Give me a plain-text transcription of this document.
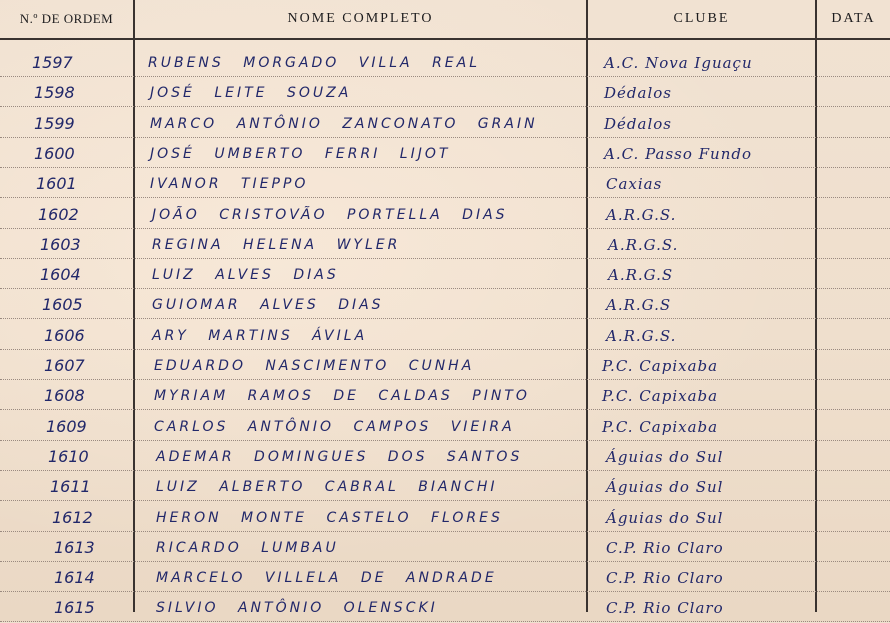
N.º DE ORDEM	NOME COMPLETO	CLUBE	DATA
1597	RUBENS MORGADO VILLA REAL	A.C. Nova Iguaçu
1598	JOSÉ LEITE SOUZA	Dédalos
1599	MARCO ANTÔNIO ZANCONATO GRAIN	Dédalos
1600	JOSÉ UMBERTO FERRI LIJOT	A.C. Passo Fundo
1601	IVANOR TIEPPO	Caxias
1602	JOÃO CRISTOVÃO PORTELLA DIAS	A.R.G.S.
1603	REGINA HELENA WYLER	A.R.G.S.
1604	LUIZ ALVES DIAS	A.R.G.S
1605	GUIOMAR ALVES DIAS	A.R.G.S
1606	ARY MARTINS ÁVILA	A.R.G.S.
1607	EDUARDO NASCIMENTO CUNHA	P.C. Capixaba
1608	MYRIAM RAMOS DE CALDAS PINTO	P.C. Capixaba
1609	CARLOS ANTÔNIO CAMPOS VIEIRA	P.C. Capixaba
1610	ADEMAR DOMINGUES DOS SANTOS	Águias do Sul
1611	LUIZ ALBERTO CABRAL BIANCHI	Águias do Sul
1612	HERON MONTE CASTELO FLORES	Águias do Sul
1613	RICARDO LUMBAU	C.P. Rio Claro
1614	MARCELO VILLELA DE ANDRADE	C.P. Rio Claro
1615	SILVIO ANTÔNIO OLENSCKI	C.P. Rio Claro
